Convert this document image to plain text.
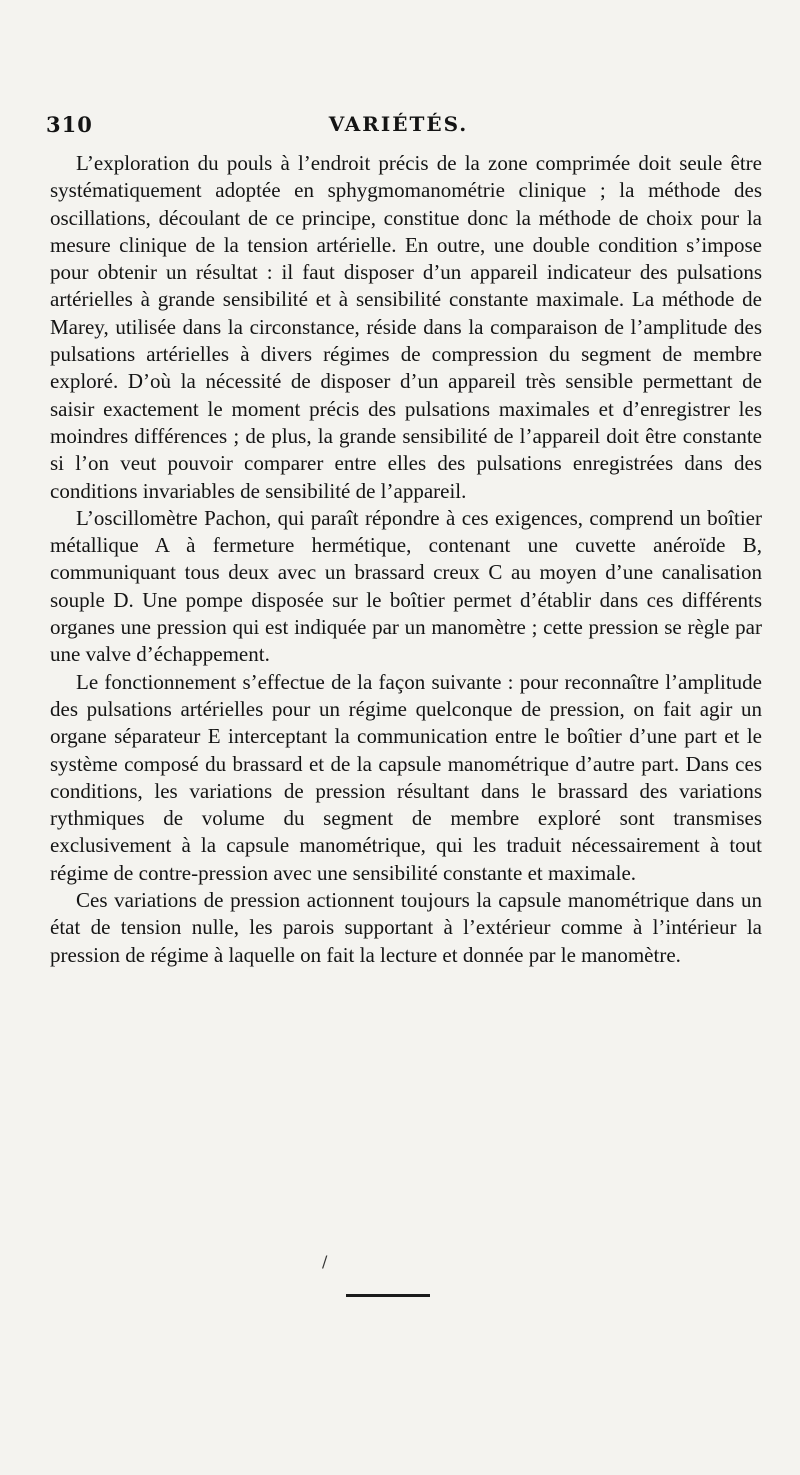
310	VARIÉTÉS.

L’exploration du pouls à l’endroit précis de la zone comprimée doit seule être systématiquement adoptée en sphygmomanométrie clinique ; la méthode des oscillations, découlant de ce principe, constitue donc la méthode de choix pour la mesure clinique de la tension artérielle. En outre, une double condition s’impose pour obtenir un résultat : il faut disposer d’un appareil indicateur des pulsations artérielles à grande sensibilité et à sensibilité constante maximale. La méthode de Marey, utilisée dans la circonstance, réside dans la comparaison de l’amplitude des pulsations artérielles à divers régimes de compression du segment de membre exploré. D’où la nécessité de disposer d’un appareil très sensible permettant de saisir exactement le moment précis des pulsations maximales et d’enregistrer les moindres différences ; de plus, la grande sensibilité de l’appareil doit être constante si l’on veut pouvoir comparer entre elles des pulsations enregistrées dans des conditions invariables de sensibilité de l’appareil.

L’oscillomètre Pachon, qui paraît répondre à ces exigences, comprend un boîtier métallique A à fermeture hermétique, contenant une cuvette anéroïde B, communiquant tous deux avec un brassard creux C au moyen d’une canalisation souple D. Une pompe disposée sur le boîtier permet d’établir dans ces différents organes une pression qui est indiquée par un manomètre ; cette pression se règle par une valve d’échappement.

Le fonctionnement s’effectue de la façon suivante : pour reconnaître l’amplitude des pulsations artérielles pour un régime quelconque de pression, on fait agir un organe séparateur E interceptant la communication entre le boîtier d’une part et le système composé du brassard et de la capsule manométrique d’autre part. Dans ces conditions, les variations de pression résultant dans le brassard des variations rythmiques de volume du segment de membre exploré sont transmises exclusivement à la capsule manométrique, qui les traduit nécessairement à tout régime de contre-pression avec une sensibilité constante et maximale.

Ces variations de pression actionnent toujours la capsule manométrique dans un état de tension nulle, les parois supportant à l’extérieur comme à l’intérieur la pression de régime à laquelle on fait la lecture et donnée par le manomètre.

/
